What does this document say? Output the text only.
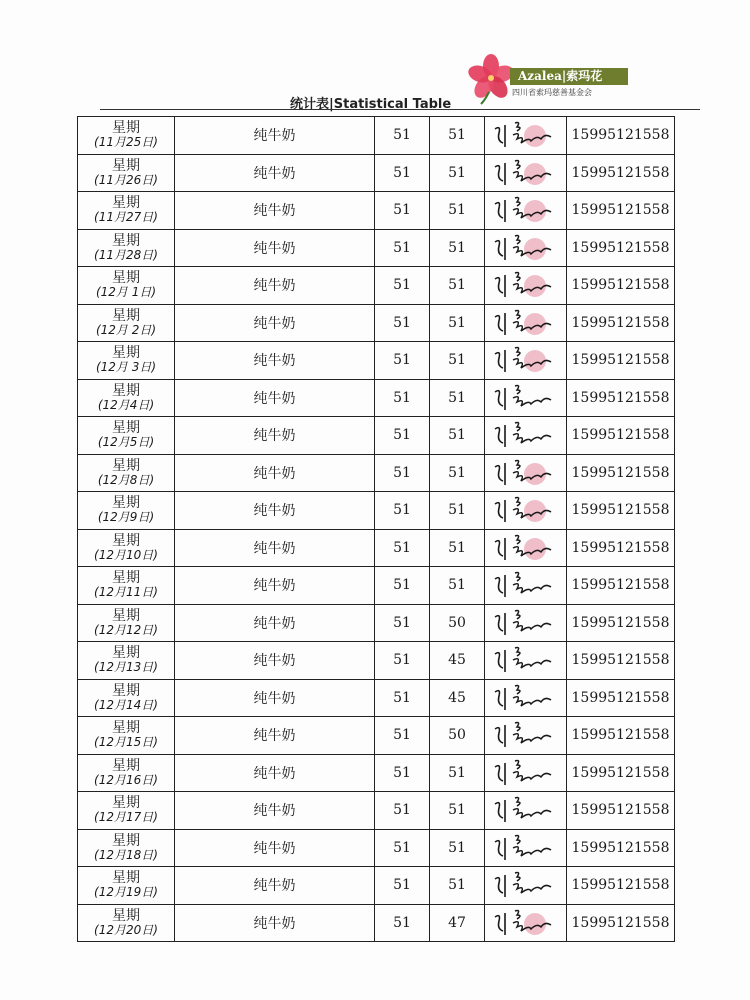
Azalea|索玛花
四川省索玛慈善基金会
统计表|Statistical Table
星期
(11月25日)	纯牛奶	51	51		15995121558

星期
(11月26日)	纯牛奶	51	51		15995121558

星期
(11月27日)	纯牛奶	51	51		15995121558

星期
(11月28日)	纯牛奶	51	51		15995121558

星期
(12月 1日)	纯牛奶	51	51		15995121558

星期
(12月 2日)	纯牛奶	51	51		15995121558

星期
(12月 3日)	纯牛奶	51	51		15995121558

星期
(12月4日)	纯牛奶	51	51		15995121558

星期
(12月5日)	纯牛奶	51	51		15995121558

星期
(12月8日)	纯牛奶	51	51		15995121558

星期
(12月9日)	纯牛奶	51	51		15995121558

星期
(12月10日)	纯牛奶	51	51		15995121558

星期
(12月11日)	纯牛奶	51	51		15995121558

星期
(12月12日)	纯牛奶	51	50		15995121558

星期
(12月13日)	纯牛奶	51	45		15995121558

星期
(12月14日)	纯牛奶	51	45		15995121558

星期
(12月15日)	纯牛奶	51	50		15995121558

星期
(12月16日)	纯牛奶	51	51		15995121558

星期
(12月17日)	纯牛奶	51	51		15995121558

星期
(12月18日)	纯牛奶	51	51		15995121558

星期
(12月19日)	纯牛奶	51	51		15995121558

星期
(12月20日)	纯牛奶	51	47		15995121558
